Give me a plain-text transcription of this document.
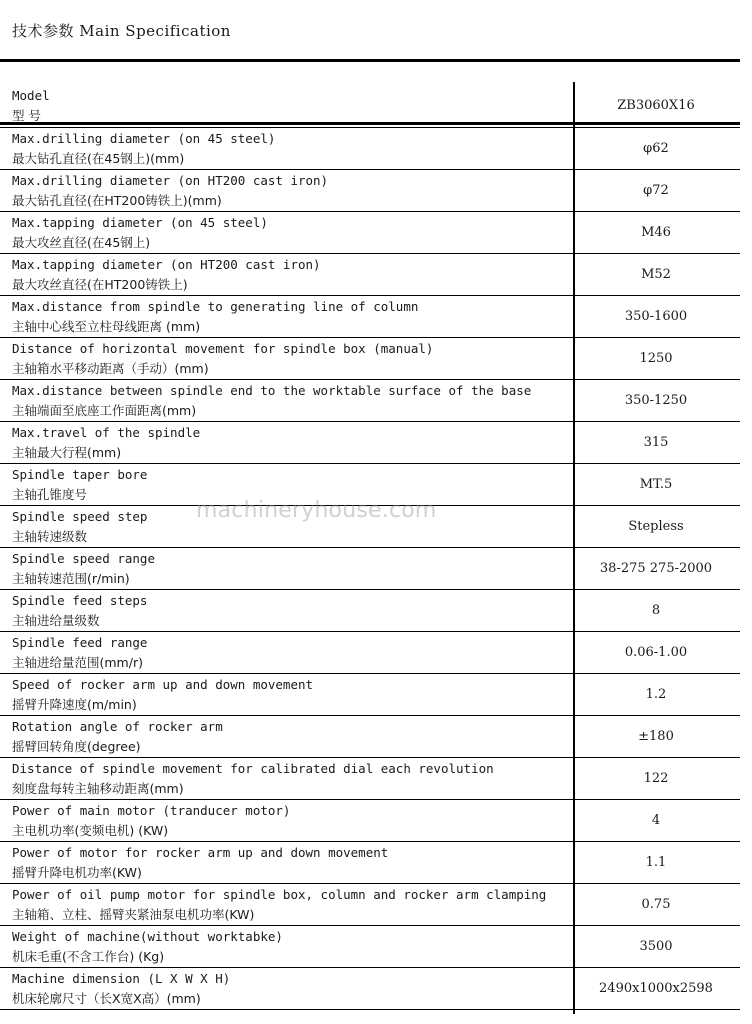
技术参数 Main Specification
Model
型 号	ZB3060X16

Max.drilling diameter (on 45 steel)
最大钻孔直径(在45钢上)(mm)	φ62

Max.drilling diameter (on HT200 cast iron)
最大钻孔直径(在HT200铸铁上)(mm)	φ72

Max.tapping diameter (on 45 steel)
最大攻丝直径(在45钢上)	M46

Max.tapping diameter (on HT200 cast iron)
最大攻丝直径(在HT200铸铁上)	M52

Max.distance from spindle to generating line of column
主轴中心线至立柱母线距离 (mm)	350-1600

Distance of horizontal movement for spindle box (manual)
主轴箱水平移动距离（手动）(mm)	1250

Max.distance between spindle end to the worktable surface of the base
主轴端面至底座工作面距离(mm)	350-1250

Max.travel of the spindle
主轴最大行程(mm)	315

Spindle taper bore
主轴孔锥度号	MT.5

Spindle speed step
主轴转速级数	Stepless

Spindle speed range
主轴转速范围(r/min)	38-275 275-2000

Spindle feed steps
主轴进给量级数	8

Spindle feed range
主轴进给量范围(mm/r)	0.06-1.00

Speed of rocker arm up and down movement
摇臂升降速度(m/min)	1.2

Rotation angle of rocker arm
摇臂回转角度(degree)	±180

Distance of spindle movement for calibrated dial each revolution
刻度盘每转主轴移动距离(mm)	122

Power of main motor (tranducer motor)
主电机功率(变频电机) (KW)	4

Power of motor for rocker arm up and down movement
摇臂升降电机功率(KW)	1.1

Power of oil pump motor for spindle box, column and rocker arm clamping
主轴箱、立柱、摇臂夹紧油泵电机功率(KW)	0.75

Weight of machine(without worktabke)
机床毛重(不含工作台) (Kg)	3500

Machine dimension (L X W X H)
机床轮廓尺寸（长X宽X高）(mm)	2490x1000x2598
machineryhouse.com
